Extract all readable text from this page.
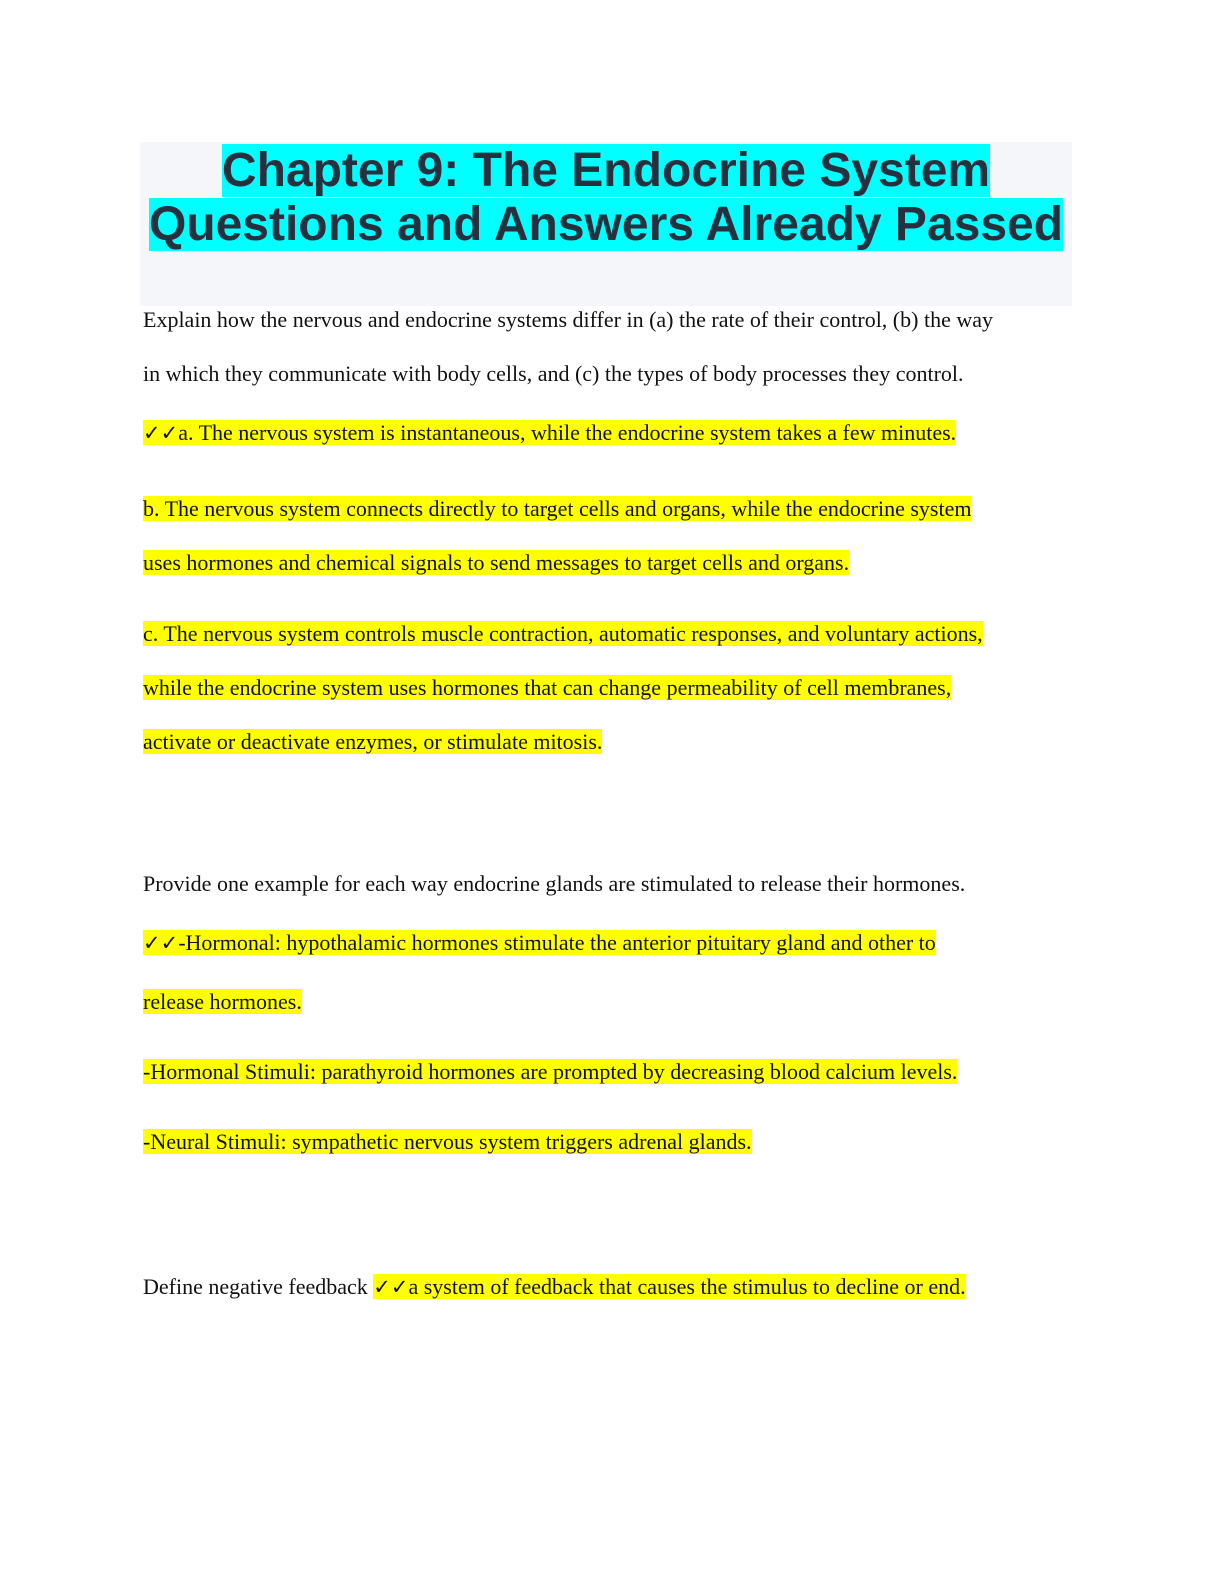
Chapter 9: The Endocrine System
Questions and Answers Already Passed

Explain how the nervous and endocrine systems differ in (a) the rate of their control, (b) the way

in which they communicate with body cells, and (c) the types of body processes they control.

✓✓a. The nervous system is instantaneous, while the endocrine system takes a few minutes.

b. The nervous system connects directly to target cells and organs, while the endocrine system

uses hormones and chemical signals to send messages to target cells and organs.

c. The nervous system controls muscle contraction, automatic responses, and voluntary actions,

while the endocrine system uses hormones that can change permeability of cell membranes,

activate or deactivate enzymes, or stimulate mitosis.

Provide one example for each way endocrine glands are stimulated to release their hormones.

✓✓-Hormonal: hypothalamic hormones stimulate the anterior pituitary gland and other to

release hormones.

-Hormonal Stimuli: parathyroid hormones are prompted by decreasing blood calcium levels.

-Neural Stimuli: sympathetic nervous system triggers adrenal glands.

Define negative feedback ✓✓a system of feedback that causes the stimulus to decline or end.
